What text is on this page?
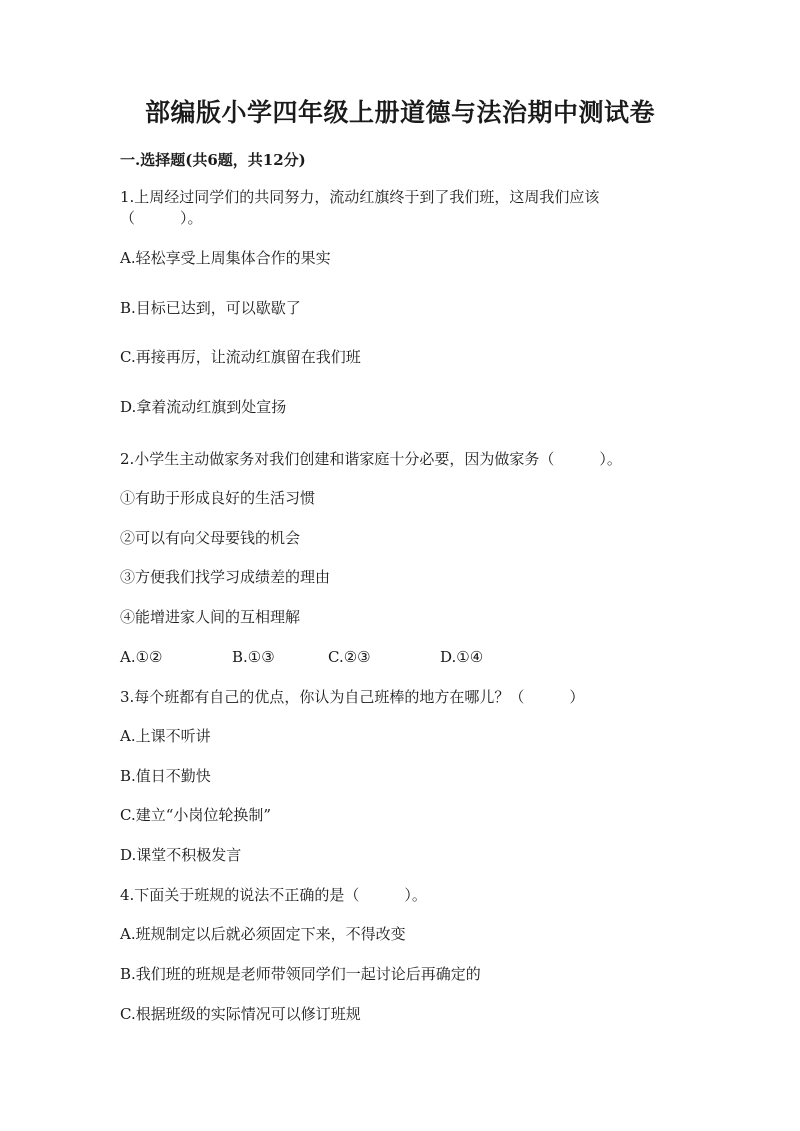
部编版小学四年级上册道德与法治期中测试卷
一.选择题(共6题，共12分)
1.上周经过同学们的共同努力，流动红旗终于到了我们班，这周我们应该
（　　　）。
A.轻松享受上周集体合作的果实
B.目标已达到，可以歇歇了
C.再接再厉，让流动红旗留在我们班
D.拿着流动红旗到处宣扬
2.小学生主动做家务对我们创建和谐家庭十分必要，因为做家务（　　　）。
①有助于形成良好的生活习惯
②可以有向父母要钱的机会
③方便我们找学习成绩差的理由
④能增进家人间的互相理解
A.①②	B.①③	C.②③	D.①④
3.每个班都有自己的优点，你认为自己班棒的地方在哪儿？（　　　）
A.上课不听讲
B.值日不勤快
C.建立“小岗位轮换制”
D.课堂不积极发言
4.下面关于班规的说法不正确的是（　　　）。
A.班规制定以后就必须固定下来，不得改变
B.我们班的班规是老师带领同学们一起讨论后再确定的
C.根据班级的实际情况可以修订班规
